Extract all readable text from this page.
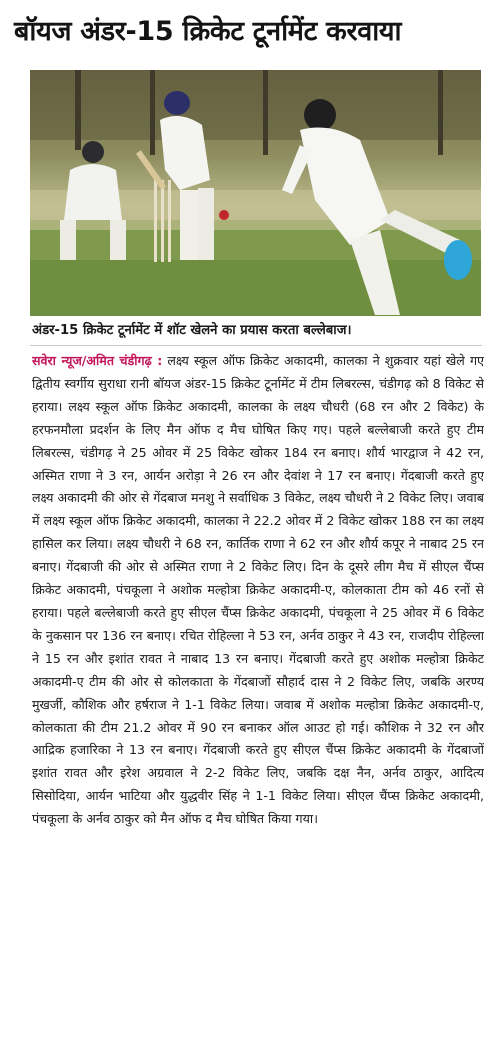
बॉयज अंडर-15 क्रिकेट टूर्नामेंट करवाया
अंडर-15 क्रिकेट टूर्नामेंट में शॉट खेलने का प्रयास करता बल्लेबाज।
सवेरा न्यूज/अमित चंडीगढ़ : लक्ष्य स्कूल ऑफ क्रिकेट अकादमी, कालका ने शुक्रवार यहां खेले गए द्वितीय स्वर्गीय सुराधा रानी बॉयज अंडर-15 क्रिकेट टूर्नामेंट में टीम लिबरल्स, चंडीगढ़ को 8 विकेट से हराया। लक्ष्य स्कूल ऑफ क्रिकेट अकादमी, कालका के लक्ष्य चौधरी (68 रन और 2 विकेट) के हरफनमौला प्रदर्शन के लिए मैन ऑफ द मैच घोषित किए गए। पहले बल्लेबाजी करते हुए टीम लिबरल्स, चंडीगढ़ ने 25 ओवर में 25 विकेट खोकर 184 रन बनाए। शौर्य भारद्वाज ने 42 रन, अस्मित राणा ने 3 रन, आर्यन अरोड़ा ने 26 रन और देवांश ने 17 रन बनाए। गेंदबाजी करते हुए लक्ष्य अकादमी की ओर से गेंदबाज मनशु ने सर्वाधिक 3 विकेट, लक्ष्य चौधरी ने 2 विकेट लिए। जवाब में लक्ष्य स्कूल ऑफ क्रिकेट अकादमी, कालका ने 22.2 ओवर में 2 विकेट खोकर 188 रन का लक्ष्य हासिल कर लिया। लक्ष्य चौधरी ने 68 रन, कार्तिक राणा ने 62 रन और शौर्य कपूर ने नाबाद 25 रन बनाए। गेंदबाजी की ओर से अस्मित राणा ने 2 विकेट लिए। दिन के दूसरे लीग मैच में सीएल चैंप्स क्रिकेट अकादमी, पंचकूला ने अशोक मल्होत्रा क्रिकेट अकादमी-ए, कोलकाता टीम को 46 रनों से हराया। पहले बल्लेबाजी करते हुए सीएल चैंप्स क्रिकेट अकादमी, पंचकूला ने 25 ओवर में 6 विकेट के नुकसान पर 136 रन बनाए। रचित रोहिल्ला ने 53 रन, अर्नव ठाकुर ने 43 रन, राजदीप रोहिल्ला ने 15 रन और इशांत रावत ने नाबाद 13 रन बनाए। गेंदबाजी करते हुए अशोक मल्होत्रा क्रिकेट अकादमी-ए टीम की ओर से कोलकाता के गेंदबाजों सौहार्द दास ने 2 विकेट लिए, जबकि अरण्य मुखर्जी, कौशिक और हर्षराज ने 1-1 विकेट लिया। जवाब में अशोक मल्होत्रा क्रिकेट अकादमी-ए, कोलकाता की टीम 21.2 ओवर में 90 रन बनाकर ऑल आउट हो गई। कौशिक ने 32 रन और आद्रिक हजारिका ने 13 रन बनाए। गेंदबाजी करते हुए सीएल चैंप्स क्रिकेट अकादमी के गेंदबाजों इशांत रावत और इरेश अग्रवाल ने 2-2 विकेट लिए, जबकि दक्ष नैन, अर्नव ठाकुर, आदित्य सिसोदिया, आर्यन भाटिया और युद्धवीर सिंह ने 1-1 विकेट लिया। सीएल चैंप्स क्रिकेट अकादमी, पंचकूला के अर्नव ठाकुर को मैन ऑफ द मैच घोषित किया गया।
